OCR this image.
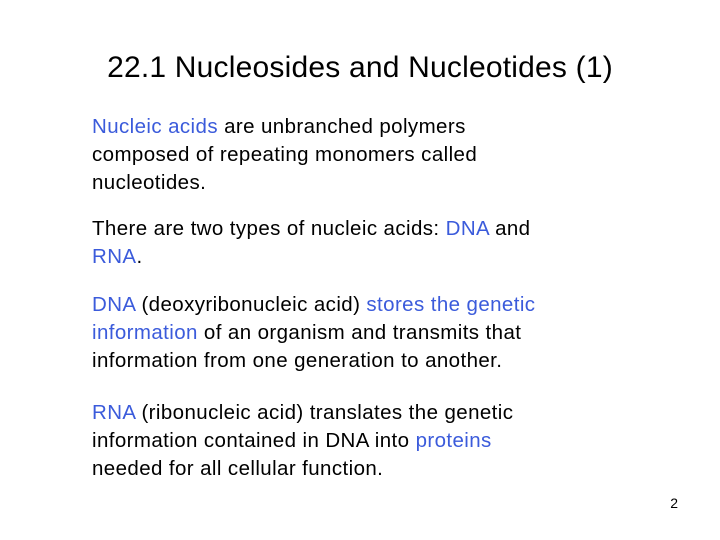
22.1 Nucleosides and Nucleotides (1)

Nucleic acids are unbranched polymers
composed of repeating monomers called
nucleotides.

There are two types of nucleic acids: DNA and
RNA.

DNA (deoxyribonucleic acid) stores the genetic
information of an organism and transmits that
information from one generation to another.

RNA (ribonucleic acid) translates the genetic
information contained in DNA into proteins
needed for all cellular function.

2
